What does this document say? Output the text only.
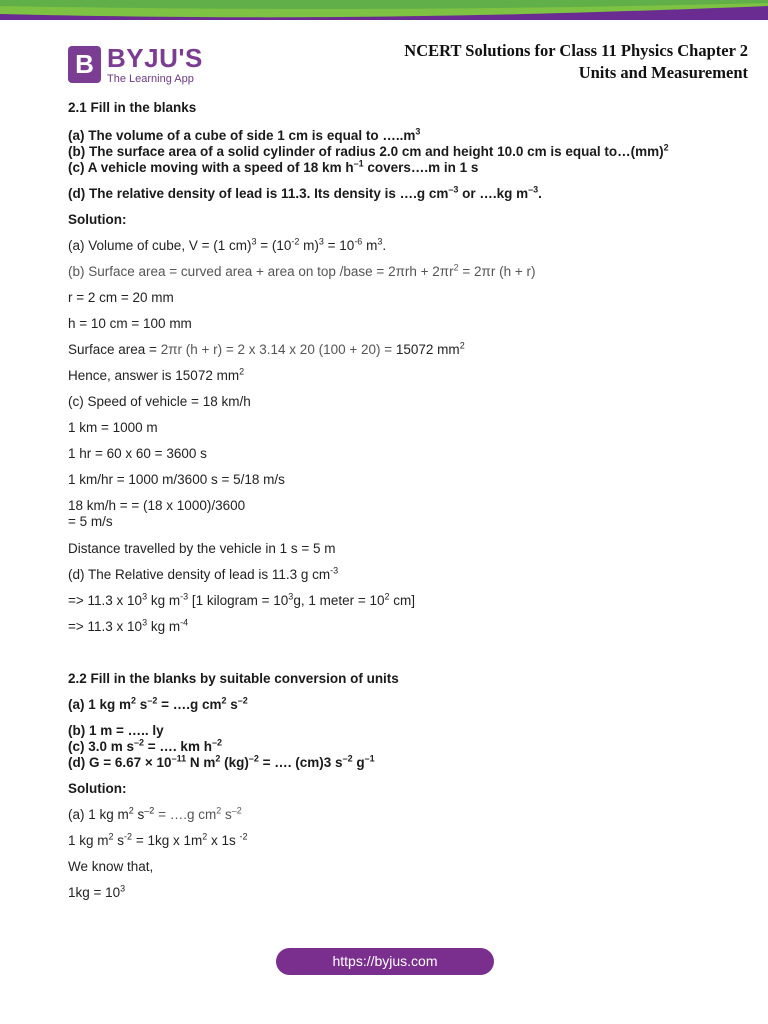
B BYJU'S
The Learning App
NCERT Solutions for Class 11 Physics Chapter 2
Units and Measurement
2.1 Fill in the blanks
(a) The volume of a cube of side 1 cm is equal to $\dots..m^3$
(b) The surface area of a solid cylinder of radius 2.0 cm and height 10.0 cm is equal to…(mm)$^2$
(c) A vehicle moving with a speed of 18 km $h^{-1}$ covers….m in 1 s
(d) The relative density of lead is 11.3. Its density is ….g $cm^{-3}$ or ….kg $m^{-3}$.
Solution:
(a) Volume of cube, V = (1 $cm)^3 = (10^{-2}$ $m)^3 = 10^{-6}$ $m^3$.
(b) Surface area = curved area + area on top /base = $2\pi rh + 2\pi r^2 = 2\pi r$ (h + r)
r = 2 cm = 20 mm
h = 10 cm = 100 mm
Surface area = 2πr (h + r) = 2 x 3.14 x 20 (100 + 20) = 15072 $mm^2$
Hence, answer is 15072 $mm^2$
(c) Speed of vehicle = 18 km/h
1 km = 1000 m
1 hr = 60 x 60 = 3600 s
1 km/hr = 1000 m/3600 s = 5/18 m/s
18 km/h = = (18 x 1000)/3600
= 5 m/s
Distance travelled by the vehicle in 1 s = 5 m
(d) The Relative density of lead is 11.3 g $cm^{-3}$
=> 11.3 x $10^3$ kg $m^{-3}$ [1 kilogram = $10^3g$, 1 meter = $10^2$ cm]
=> 11.3 x $10^3$ kg $m^{-4}$
2.2 Fill in the blanks by suitable conversion of units
(a) 1 kg $m^2$ $s^{-2}$ = ….g $cm^2$ $s^{-2}$
(b) 1 m = ….. ly
(c) 3.0 m $s^{-2}$ = …. km $h^{-2}$
(d) $G = 6.67 \times 10^{-11}$ N $m^2$ (kg)$^{-2}$ = …. (cm)3 $s^{-2}$ $g^{-1}$
Solution:
(a) 1 kg $m^2$ $s^{-2}$ = ….g $cm^2$ $s^{-2}$
1 kg $m^2$ $s^{-2} = 1kg$ x $1m^2$ x 1s $^{-2}$
We know that,
$1kg = 10^3$
https://byjus.com
